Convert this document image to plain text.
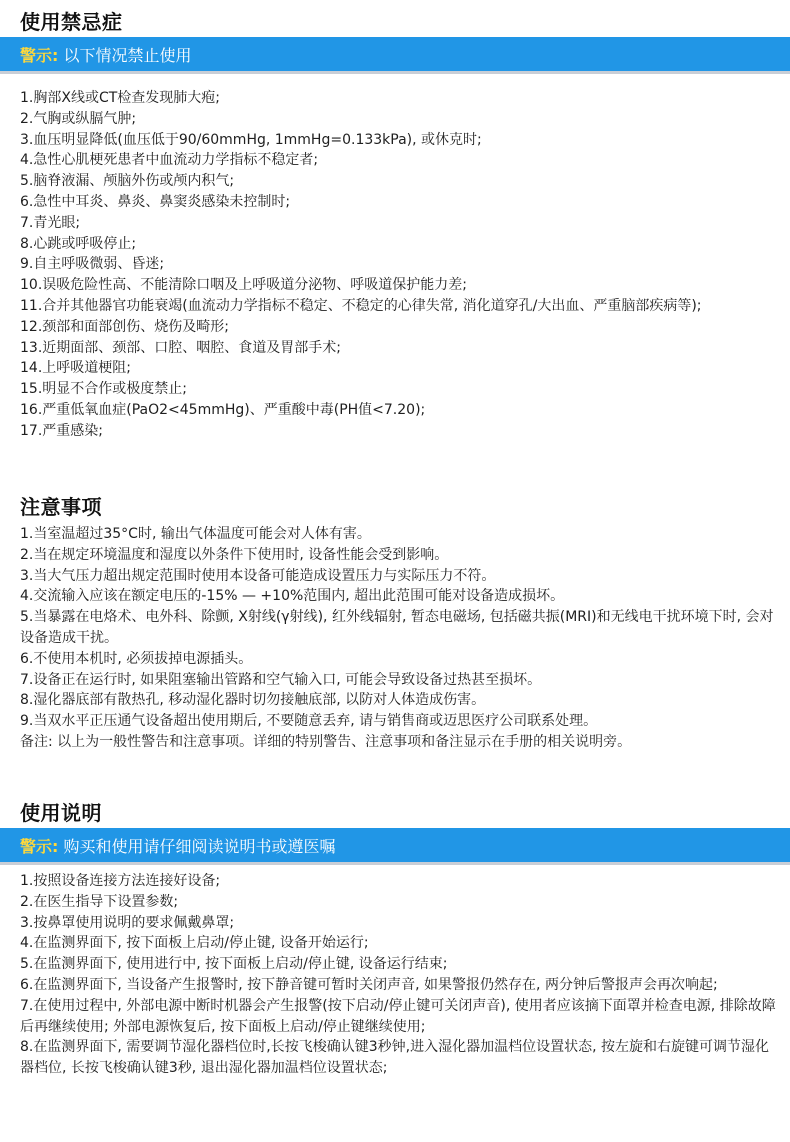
使用禁忌症
警示: 以下情况禁止使用
1.胸部X线或CT检查发现肺大疱;
2.气胸或纵膈气肿;
3.血压明显降低(血压低于90/60mmHg, 1mmHg=0.133kPa), 或休克时;
4.急性心肌梗死患者中血流动力学指标不稳定者;
5.脑脊液漏、颅脑外伤或颅内积气;
6.急性中耳炎、鼻炎、鼻窦炎感染未控制时;
7.青光眼;
8.心跳或呼吸停止;
9.自主呼吸微弱、昏迷;
10.误吸危险性高、不能清除口咽及上呼吸道分泌物、呼吸道保护能力差;
11.合并其他器官功能衰竭(血流动力学指标不稳定、不稳定的心律失常, 消化道穿孔/大出血、严重脑部疾病等);
12.颈部和面部创伤、烧伤及畸形;
13.近期面部、颈部、口腔、咽腔、食道及胃部手术;
14.上呼吸道梗阻;
15.明显不合作或极度禁止;
16.严重低氧血症(PaO2<45mmHg)、严重酸中毒(PH值<7.20);
17.严重感染;
注意事项
1.当室温超过35°C时, 输出气体温度可能会对人体有害。
2.当在规定环境温度和湿度以外条件下使用时, 设备性能会受到影响。
3.当大气压力超出规定范围时使用本设备可能造成设置压力与实际压力不符。
4.交流输入应该在额定电压的-15% — +10%范围内, 超出此范围可能对设备造成损坏。
5.当暴露在电烙术、电外科、除颤, X射线(γ射线), 红外线辐射, 暂态电磁场, 包括磁共振(MRI)和无线电干扰环境下时, 会对设备造成干扰。
6.不使用本机时, 必须拔掉电源插头。
7.设备正在运行时, 如果阻塞输出管路和空气输入口, 可能会导致设备过热甚至损坏。
8.湿化器底部有散热孔, 移动湿化器时切勿接触底部, 以防对人体造成伤害。
9.当双水平正压通气设备超出使用期后, 不要随意丢弃, 请与销售商或迈思医疗公司联系处理。
备注: 以上为一般性警告和注意事项。详细的特别警告、注意事项和备注显示在手册的相关说明旁。
使用说明
警示: 购买和使用请仔细阅读说明书或遵医嘱
1.按照设备连接方法连接好设备;
2.在医生指导下设置参数;
3.按鼻罩使用说明的要求佩戴鼻罩;
4.在监测界面下, 按下面板上启动/停止键, 设备开始运行;
5.在监测界面下, 使用进行中, 按下面板上启动/停止键, 设备运行结束;
6.在监测界面下, 当设备产生报警时, 按下静音键可暂时关闭声音, 如果警报仍然存在, 两分钟后警报声会再次响起;
7.在使用过程中, 外部电源中断时机器会产生报警(按下启动/停止键可关闭声音), 使用者应该摘下面罩并检查电源, 排除故障后再继续使用; 外部电源恢复后, 按下面板上启动/停止键继续使用;
8.在监测界面下, 需要调节湿化器档位时,长按飞梭确认键3秒钟,进入湿化器加温档位设置状态, 按左旋和右旋键可调节湿化器档位, 长按飞梭确认键3秒, 退出湿化器加温档位设置状态;
